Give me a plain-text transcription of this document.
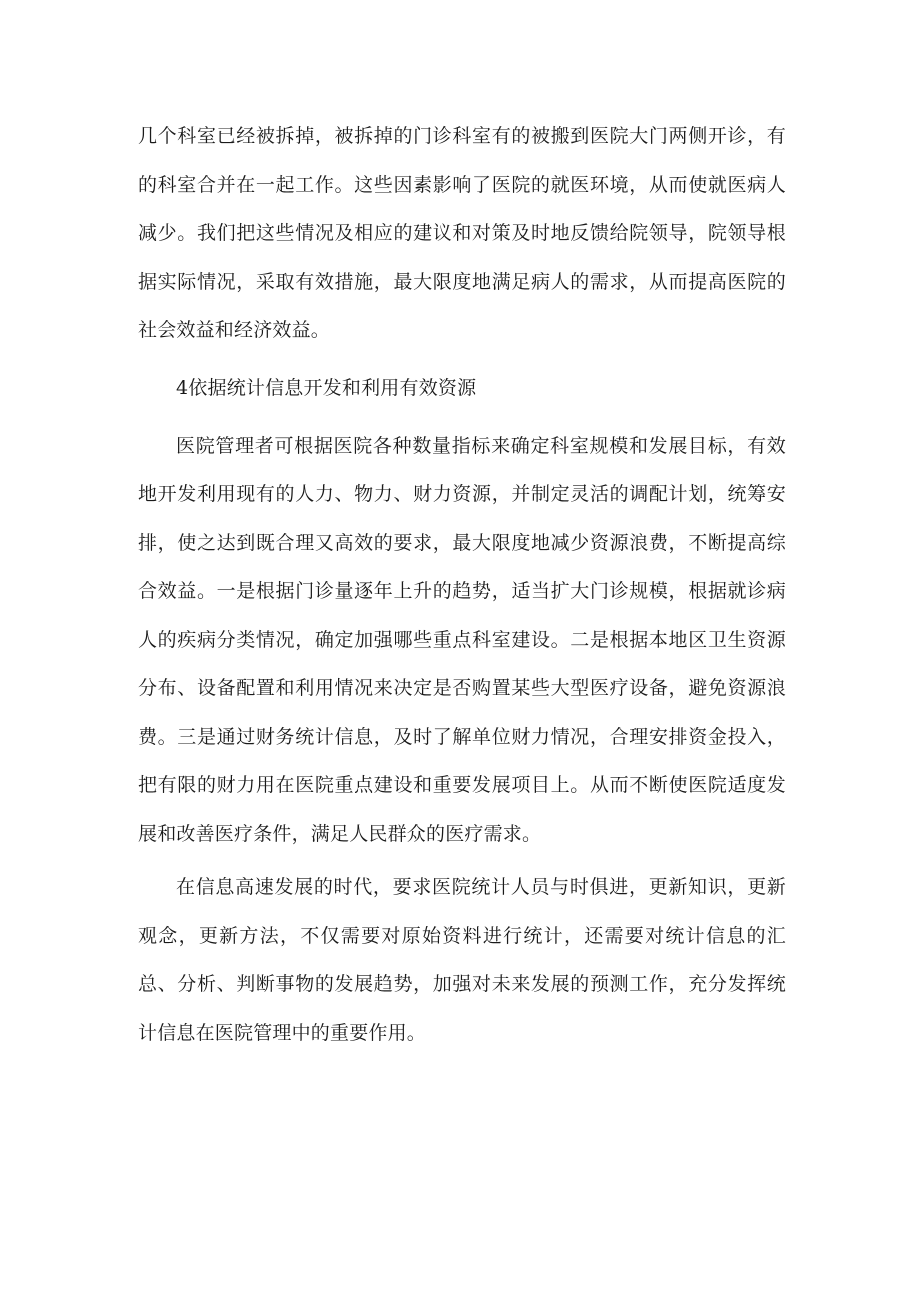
几个科室已经被拆掉，被拆掉的门诊科室有的被搬到医院大门两侧开诊，有的科室合并在一起工作。这些因素影响了医院的就医环境，从而使就医病人减少。我们把这些情况及相应的建议和对策及时地反馈给院领导，院领导根据实际情况，采取有效措施，最大限度地满足病人的需求，从而提高医院的社会效益和经济效益。

4依据统计信息开发和利用有效资源

医院管理者可根据医院各种数量指标来确定科室规模和发展目标，有效地开发利用现有的人力、物力、财力资源，并制定灵活的调配计划，统筹安排，使之达到既合理又高效的要求，最大限度地减少资源浪费，不断提高综合效益。一是根据门诊量逐年上升的趋势，适当扩大门诊规模，根据就诊病人的疾病分类情况，确定加强哪些重点科室建设。二是根据本地区卫生资源分布、设备配置和利用情况来决定是否购置某些大型医疗设备，避免资源浪费。三是通过财务统计信息，及时了解单位财力情况，合理安排资金投入，把有限的财力用在医院重点建设和重要发展项目上。从而不断使医院适度发展和改善医疗条件，满足人民群众的医疗需求。

在信息高速发展的时代，要求医院统计人员与时俱进，更新知识，更新观念，更新方法，不仅需要对原始资料进行统计，还需要对统计信息的汇总、分析、判断事物的发展趋势，加强对未来发展的预测工作，充分发挥统计信息在医院管理中的重要作用。
